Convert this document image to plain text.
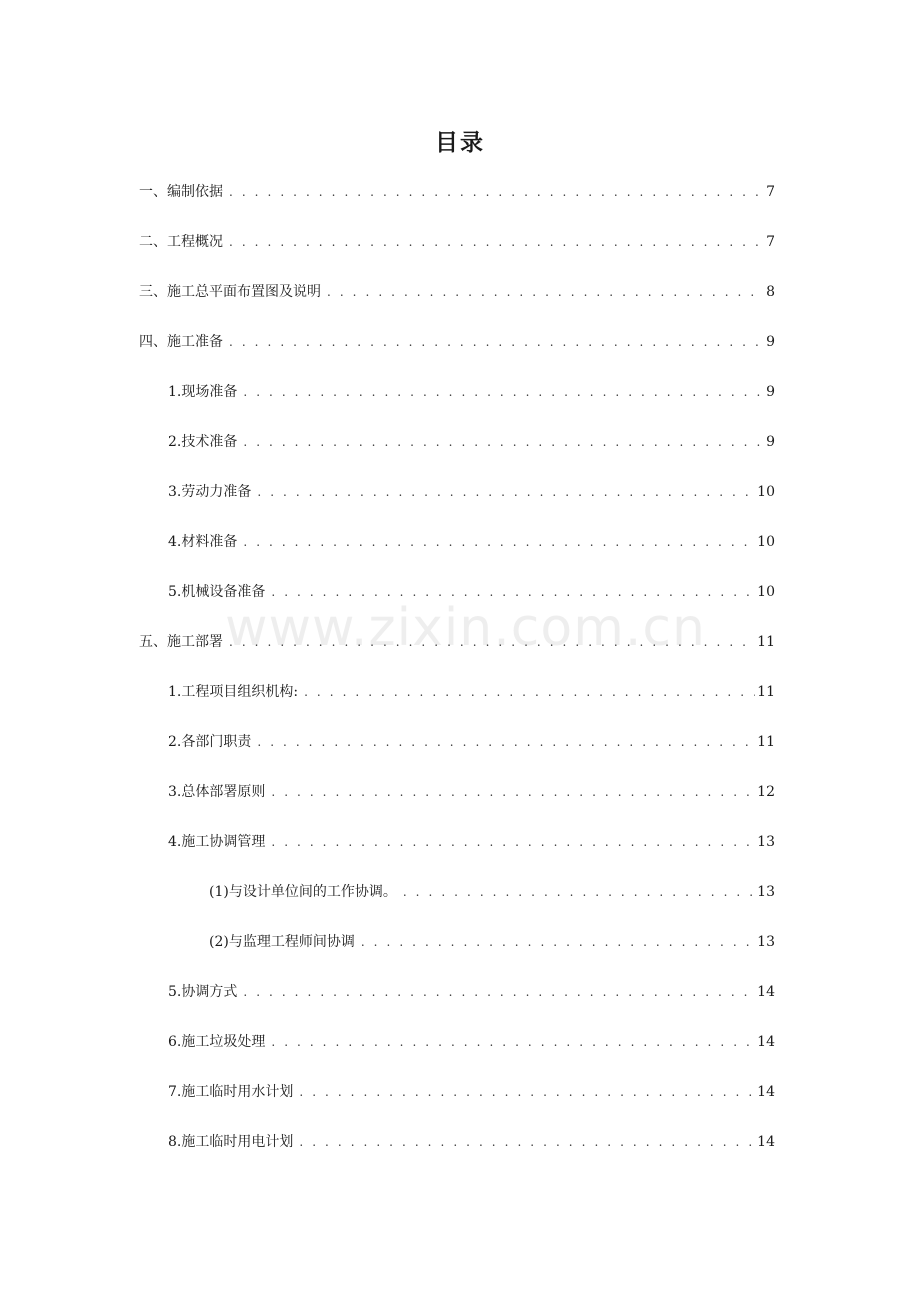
目录
一、 编制依据 . . .	7
二、 工程概况 . . .	7
三、 施工总平面布置图及说明 . . .	8
四、 施工准备 . . .	9
1. 现场准备 . . .	9
2. 技术准备 . . .	9
3. 劳动力准备 . . .	10
4. 材料准备 . . .	10
5. 机械设备准备 . . .	10
五、 施工部署 . . .	11
1. 工程项目组织机构: . . .	11
2. 各部门职责 . . .	11
3. 总体部署原则 . . .	12
4. 施工协调管理 . . .	13
(1)与设计单位间的工作协调。 . . .	13
(2)与监理工程师间协调 . . .	13
5. 协调方式 . . .	14
6. 施工垃圾处理 . . .	14
7. 施工临时用水计划 . . .	14
8 .施工临时用电计划 . . .	14
www.zixin.com.cn
